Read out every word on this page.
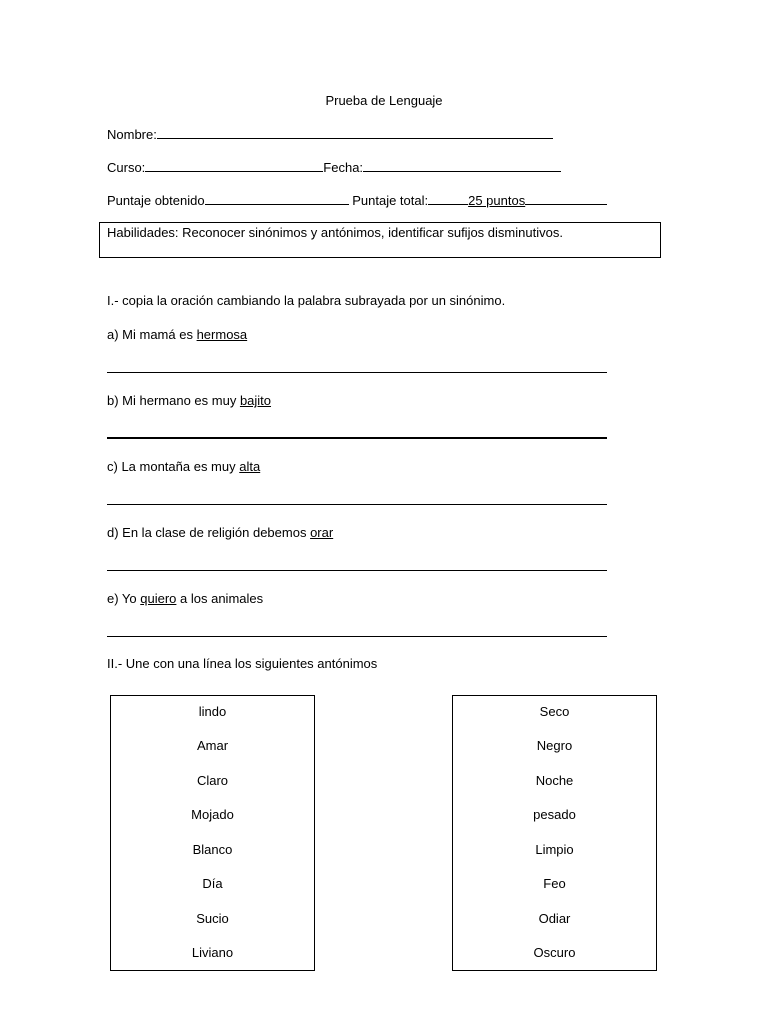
Prueba de Lenguaje
Nombre:
Curso:	Fecha:
Puntaje obtenido	Puntaje total:	25 puntos
Habilidades: Reconocer sinónimos y antónimos, identificar sufijos disminutivos.
I.- copia la oración cambiando la palabra subrayada por un sinónimo.
a) Mi mamá es hermosa
b) Mi hermano es muy bajito
c) La montaña es muy alta
d) En la clase de religión debemos orar
e) Yo quiero a los animales
II.- Une con una línea los siguientes antónimos
lindo
Amar
Claro
Mojado
Blanco
Día
Sucio
Liviano
Seco
Negro
Noche
pesado
Limpio
Feo
Odiar
Oscuro
